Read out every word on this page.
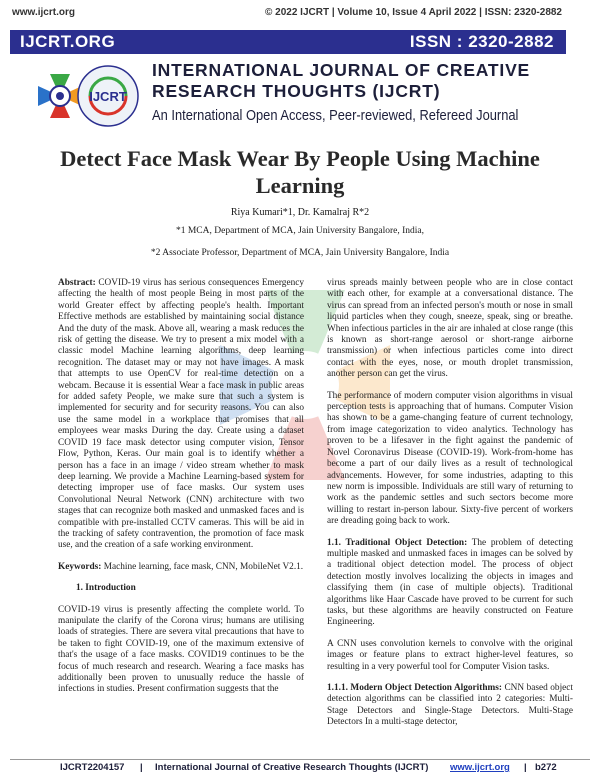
www.ijcrt.org	© 2022 IJCRT | Volume 10, Issue 4 April 2022 | ISSN: 2320-2882
IJCRT.ORG	ISSN : 2320-2882
IJCRT
INTERNATIONAL JOURNAL OF CREATIVE
RESEARCH THOUGHTS (IJCRT)
An International Open Access, Peer-reviewed, Refereed Journal
Detect Face Mask Wear By People Using Machine Learning
Riya Kumari*1, Dr. Kamalraj R*2
*1 MCA, Department of MCA, Jain University Bangalore, India,
*2 Associate Professor, Department of MCA, Jain University Bangalore, India

Abstract: COVID-19 virus has serious consequences Emergency affecting the health of most people Being in most parts of the world Greater effect by affecting people's health. Important Effective methods are established by maintaining social distance And the duty of the mask. Above all, wearing a mask reduces the risk of getting the disease. We try to present a mix model with a classic model Machine learning algorithms, deep learning recognition. The dataset may or may not have images. A mask that attempts to use OpenCV for real-time detection on a webcam. Because it is essential Wear a face mask in public areas for added safety People, we make sure that such a system is implemented for security and for security reasons. You can also use the same model in a workplace that promises that all employees wear masks During the day. Create using a dataset COVID 19 face mask detector using computer vision, Tensor Flow, Python, Keras. Our main goal is to identify whether a person has a face in an image / video stream whether to mask deep learning. We provide a Machine Learning-based system for detecting improper use of face masks. Our system uses Convolutional Neural Network (CNN) architecture with two stages that can recognize both masked and unmasked faces and is compatible with pre-installed CCTV cameras. This will be aid in the tracking of safety contravention, the promotion of face mask use, and the creation of a safe working environment.

Keywords: Machine learning, face mask, CNN, MobileNet V2.1.

1. Introduction

COVID-19 virus is presently affecting the complete world. To manipulate the clarify of the Corona virus; humans are utilising loads of strategies. There are severa vital precautions that have to be taken to fight COVID-19, one of the maximum extensive of that's the usage of a face masks. COVID19 continues to be the focus of much research and research. Wearing a face masks has additionally been proven to unusually reduce the hassle of infections in studies. Present confirmation suggests that the

virus spreads mainly between people who are in close contact with each other, for example at a conversational distance. The virus can spread from an infected person's mouth or nose in small liquid particles when they cough, sneeze, speak, sing or breathe. When infectious particles in the air are inhaled at close range (this is known as short-range aerosol or short-range airborne transmission) or when infectious particles come into direct contact with the eyes, nose, or mouth droplet transmission, another person can get the virus.

The performance of modern computer vision algorithms in visual perception tests is approaching that of humans. Computer Vision has shown to be a game-changing feature of current technology, from image categorization to video analytics. Technology has proven to be a lifesaver in the fight against the pandemic of Novel Coronavirus Disease (COVID-19). Work-from-home has become a part of our daily lives as a result of technological advancements. However, for some industries, adapting to this new norm is impossible. Individuals are still wary of returning to work as the pandemic settles and such sectors become more willing to restart in-person labour. Sixty-five percent of workers are dreading going back to work.

1.1. Traditional Object Detection: The problem of detecting multiple masked and unmasked faces in images can be solved by a traditional object detection model. The process of object detection mostly involves localizing the objects in images and classifying them (in case of multiple objects). Traditional algorithms like Haar Cascade have proved to be current for such tasks, but these algorithms are heavily constructed on Feature Engineering.

A CNN uses convolution kernels to convolve with the original images or feature plans to extract higher-level features, so resulting in a very powerful tool for Computer Vision tasks.

1.1.1. Modern Object Detection Algorithms: CNN based object detection algorithms can be classified into 2 categories: Multi-Stage Detectors and Single-Stage Detectors. Multi-Stage Detectors In a multi-stage detector,

IJCRT2204157 | International Journal of Creative Research Thoughts (IJCRT) www.ijcrt.org | b272
